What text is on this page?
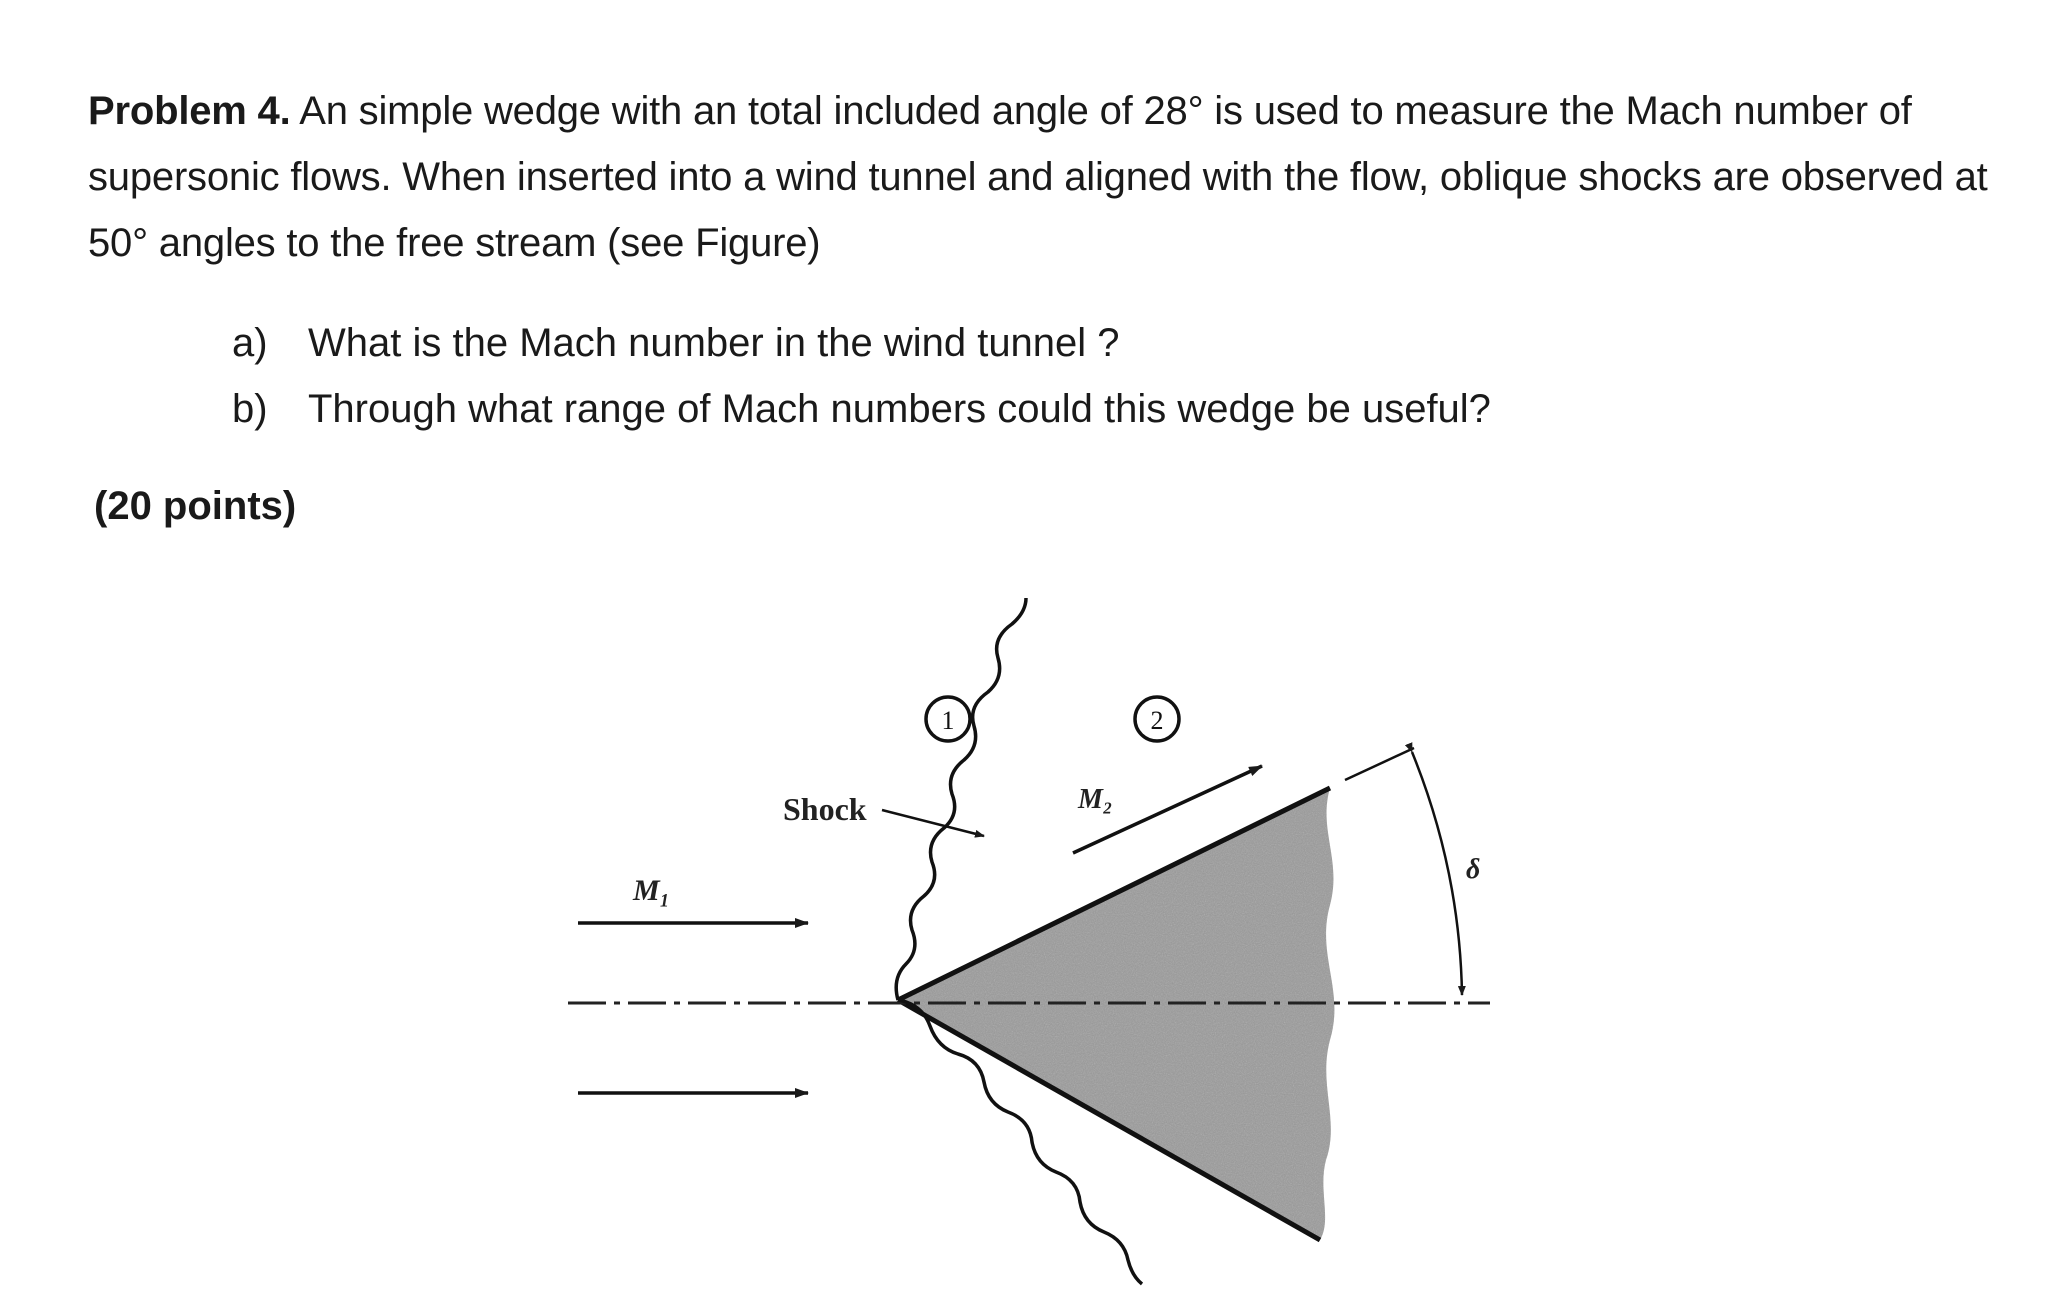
Problem 4. An simple wedge with an total included angle of 28° is used to measure the Mach number of supersonic flows. When inserted into a wind tunnel and aligned with the flow, oblique shocks are observed at 50° angles to the free stream (see Figure)
a)	What is the Mach number in the wind tunnel ?
b)	Through what range of Mach numbers could this wedge be useful?
(20 points)
1	2
Shock
M₁
M₂
δ
